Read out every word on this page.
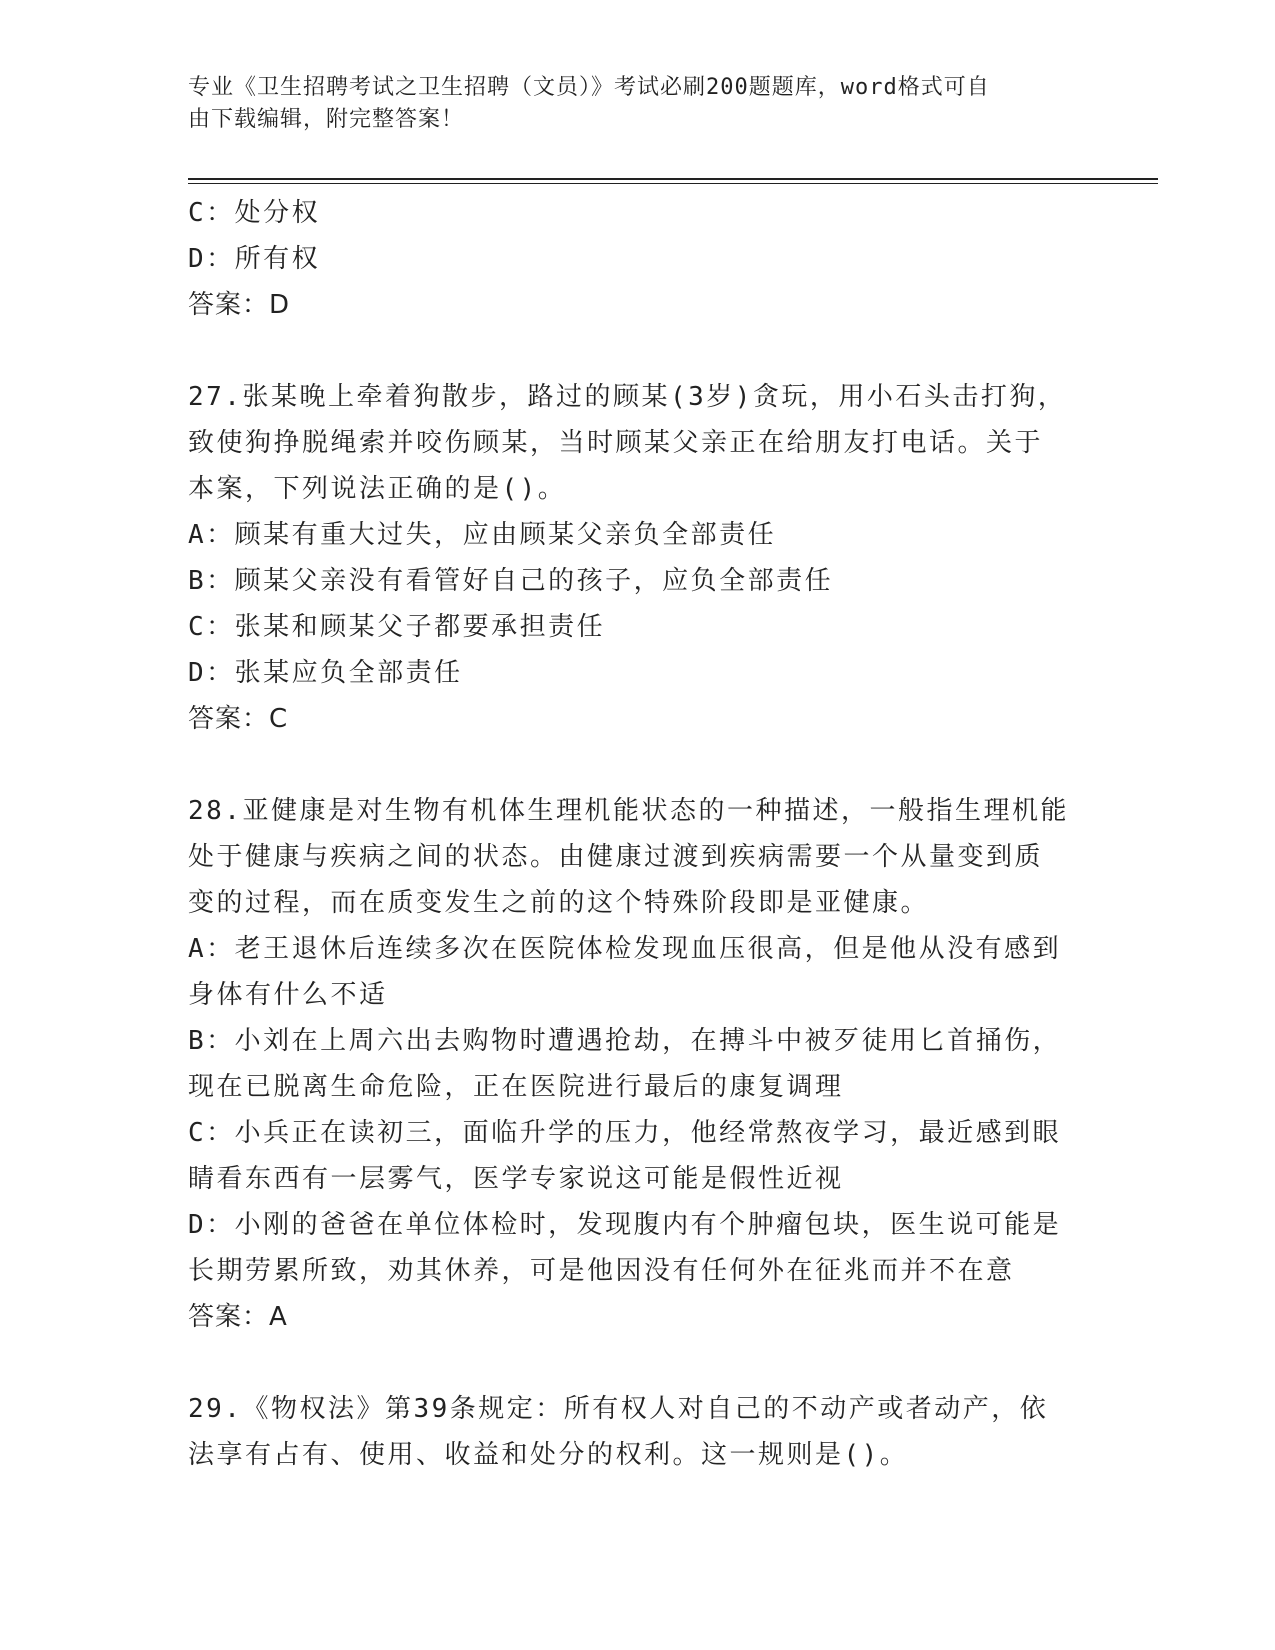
专业《卫生招聘考试之卫生招聘（文员）》考试必刷200题题库，word格式可自
由下载编辑，附完整答案！
C：处分权
D：所有权
答案：D
27.张某晚上牵着狗散步，路过的顾某(3岁)贪玩，用小石头击打狗，
致使狗挣脱绳索并咬伤顾某，当时顾某父亲正在给朋友打电话。关于
本案，下列说法正确的是()。
A：顾某有重大过失，应由顾某父亲负全部责任
B：顾某父亲没有看管好自己的孩子，应负全部责任
C：张某和顾某父子都要承担责任
D：张某应负全部责任
答案：C
28.亚健康是对生物有机体生理机能状态的一种描述，一般指生理机能
处于健康与疾病之间的状态。由健康过渡到疾病需要一个从量变到质
变的过程，而在质变发生之前的这个特殊阶段即是亚健康。
A：老王退休后连续多次在医院体检发现血压很高，但是他从没有感到
身体有什么不适
B：小刘在上周六出去购物时遭遇抢劫，在搏斗中被歹徒用匕首捅伤，
现在已脱离生命危险，正在医院进行最后的康复调理
C：小兵正在读初三，面临升学的压力，他经常熬夜学习，最近感到眼
睛看东西有一层雾气，医学专家说这可能是假性近视
D：小刚的爸爸在单位体检时，发现腹内有个肿瘤包块，医生说可能是
长期劳累所致，劝其休养，可是他因没有任何外在征兆而并不在意
答案：A
29.《物权法》第39条规定：所有权人对自己的不动产或者动产，依
法享有占有、使用、收益和处分的权利。这一规则是()。
